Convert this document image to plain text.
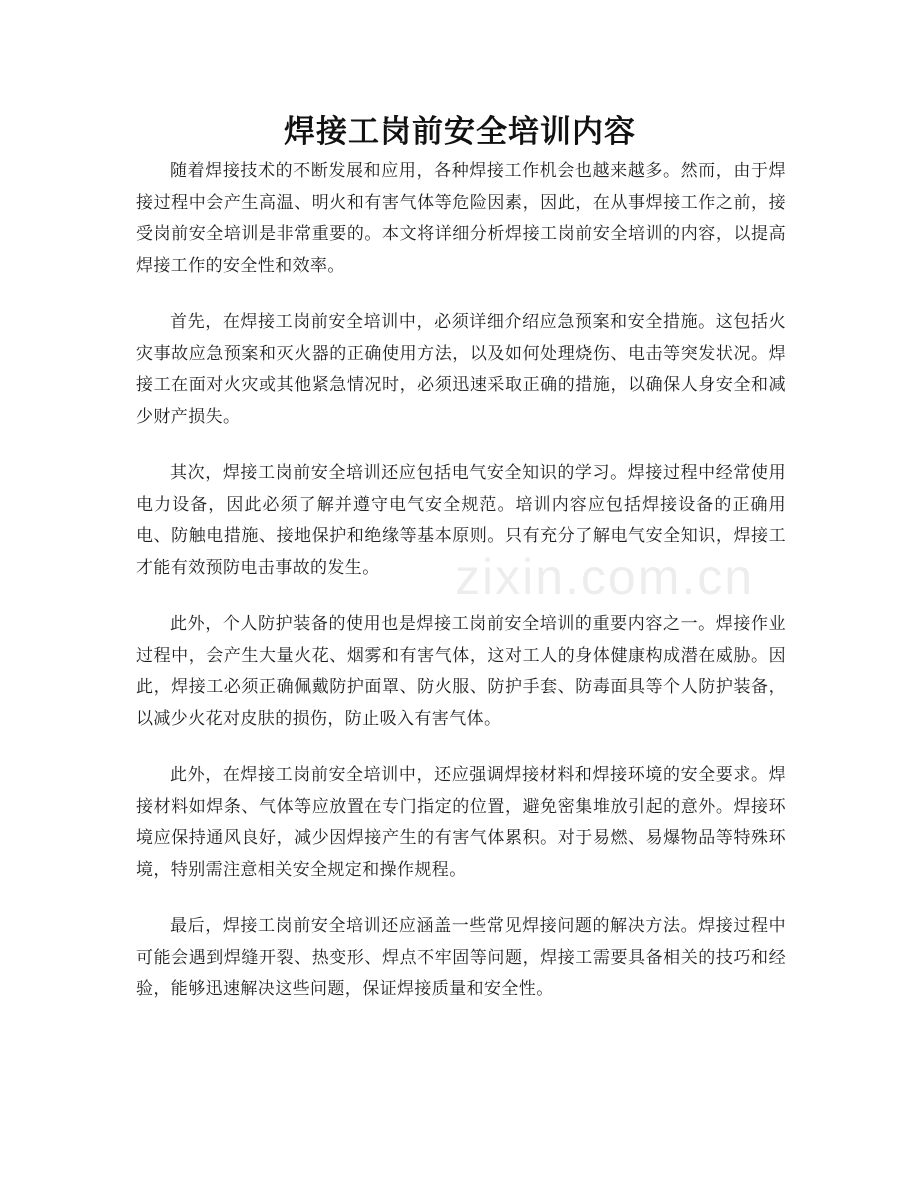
焊接工岗前安全培训内容

随着焊接技术的不断发展和应用，各种焊接工作机会也越来越多。然而，由于焊接过程中会产生高温、明火和有害气体等危险因素，因此，在从事焊接工作之前，接受岗前安全培训是非常重要的。本文将详细分析焊接工岗前安全培训的内容，以提高焊接工作的安全性和效率。

首先，在焊接工岗前安全培训中，必须详细介绍应急预案和安全措施。这包括火灾事故应急预案和灭火器的正确使用方法，以及如何处理烧伤、电击等突发状况。焊接工在面对火灾或其他紧急情况时，必须迅速采取正确的措施，以确保人身安全和减少财产损失。

其次，焊接工岗前安全培训还应包括电气安全知识的学习。焊接过程中经常使用电力设备，因此必须了解并遵守电气安全规范。培训内容应包括焊接设备的正确用电、防触电措施、接地保护和绝缘等基本原则。只有充分了解电气安全知识，焊接工才能有效预防电击事故的发生。

此外，个人防护装备的使用也是焊接工岗前安全培训的重要内容之一。焊接作业过程中，会产生大量火花、烟雾和有害气体，这对工人的身体健康构成潜在威胁。因此，焊接工必须正确佩戴防护面罩、防火服、防护手套、防毒面具等个人防护装备，以减少火花对皮肤的损伤，防止吸入有害气体。

此外，在焊接工岗前安全培训中，还应强调焊接材料和焊接环境的安全要求。焊接材料如焊条、气体等应放置在专门指定的位置，避免密集堆放引起的意外。焊接环境应保持通风良好，减少因焊接产生的有害气体累积。对于易燃、易爆物品等特殊环境，特别需注意相关安全规定和操作规程。

最后，焊接工岗前安全培训还应涵盖一些常见焊接问题的解决方法。焊接过程中可能会遇到焊缝开裂、热变形、焊点不牢固等问题，焊接工需要具备相关的技巧和经验，能够迅速解决这些问题，保证焊接质量和安全性。

zixin.com.cn
